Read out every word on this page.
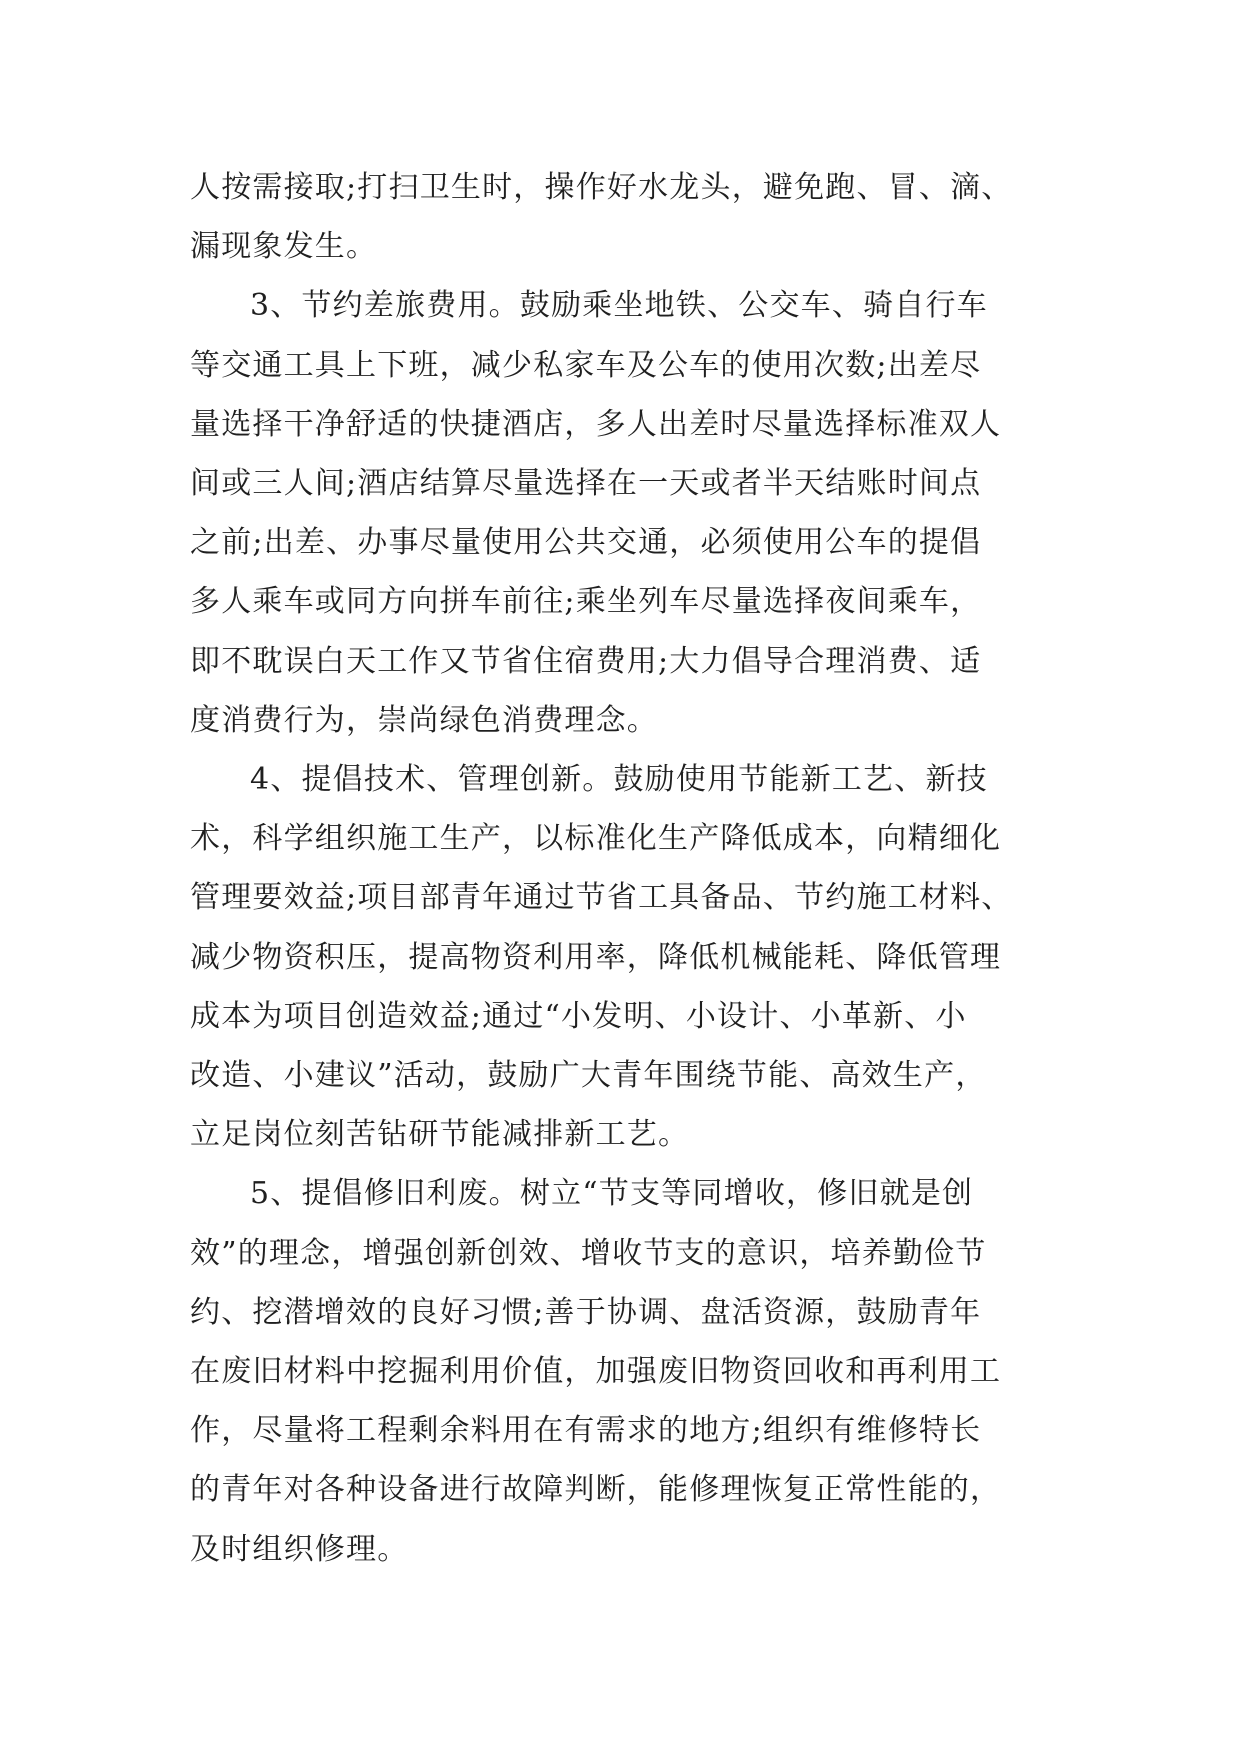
人按需接取;打扫卫生时，操作好水龙头，避免跑、冒、滴、
漏现象发生。
3、节约差旅费用。鼓励乘坐地铁、公交车、骑自行车
等交通工具上下班，减少私家车及公车的使用次数;出差尽
量选择干净舒适的快捷酒店，多人出差时尽量选择标准双人
间或三人间;酒店结算尽量选择在一天或者半天结账时间点
之前;出差、办事尽量使用公共交通，必须使用公车的提倡
多人乘车或同方向拼车前往;乘坐列车尽量选择夜间乘车，
即不耽误白天工作又节省住宿费用;大力倡导合理消费、适
度消费行为，崇尚绿色消费理念。
4、提倡技术、管理创新。鼓励使用节能新工艺、新技
术，科学组织施工生产，以标准化生产降低成本，向精细化
管理要效益;项目部青年通过节省工具备品、节约施工材料、
减少物资积压，提高物资利用率，降低机械能耗、降低管理
成本为项目创造效益;通过“小发明、小设计、小革新、小
改造、小建议”活动，鼓励广大青年围绕节能、高效生产，
立足岗位刻苦钻研节能减排新工艺。
5、提倡修旧利废。树立“节支等同增收，修旧就是创
效”的理念，增强创新创效、增收节支的意识，培养勤俭节
约、挖潜增效的良好习惯;善于协调、盘活资源，鼓励青年
在废旧材料中挖掘利用价值，加强废旧物资回收和再利用工
作，尽量将工程剩余料用在有需求的地方;组织有维修特长
的青年对各种设备进行故障判断，能修理恢复正常性能的，
及时组织修理。
